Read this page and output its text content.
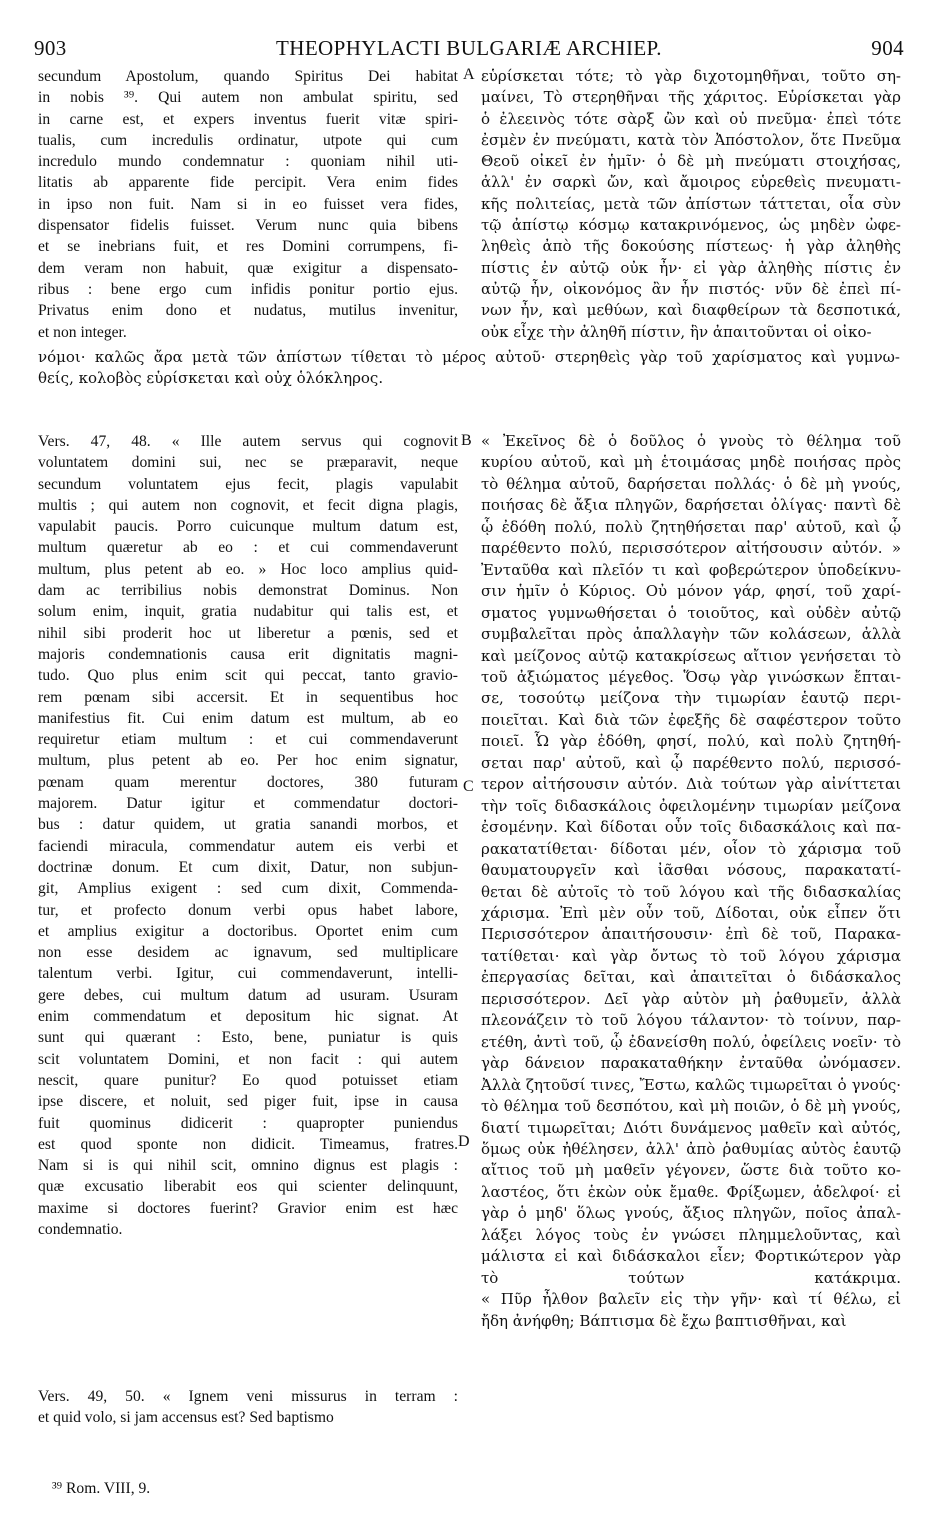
903	THEOPHYLACTI BULGARIÆ ARCHIEP.	904
A
B
C
D

secundum Apostolum, quando Spiritus Dei habitat
in nobis ³⁹. Qui autem non ambulat spiritu, sed
in carne est, et expers inventus fuerit vitæ spiri-
tualis, cum incredulis ordinatur, utpote qui cum
incredulo mundo condemnatur : quoniam nihil uti-
litatis ab apparente fide percipit. Vera enim fides
in ipso non fuit. Nam si in eo fuisset vera fides,
dispensator fidelis fuisset. Verum nunc quia bibens
et se inebrians fuit, et res Domini corrumpens, fi-
dem veram non habuit, quæ exigitur a dispensato-
ribus : bene ergo cum infidis ponitur portio ejus.
Privatus enim dono et nudatus, mutilus invenitur,
et non integer.

εὑρίσκεται τότε; τὸ γὰρ διχοτομηθῆναι, τοῦτο ση-
μαίνει, Τὸ στερηθῆναι τῆς χάριτος. Εὑρίσκεται γὰρ
ὁ ἐλεεινὸς τότε σὰρξ ὢν καὶ οὐ πνεῦμα· ἐπεὶ τότε
ἐσμὲν ἐν πνεύματι, κατὰ τὸν Ἀπόστολον, ὅτε Πνεῦμα
Θεοῦ οἰκεῖ ἐν ἡμῖν· ὁ δὲ μὴ πνεύματι στοιχήσας,
ἀλλ' ἐν σαρκὶ ὤν, καὶ ἄμοιρος εὑρεθεὶς πνευματι-
κῆς πολιτείας, μετὰ τῶν ἀπίστων τάττεται, οἷα σὺν
τῷ ἀπίστῳ κόσμῳ κατακρινόμενος, ὡς μηδὲν ὠφε-
ληθεὶς ἀπὸ τῆς δοκούσης πίστεως· ἡ γὰρ ἀληθὴς
πίστις ἐν αὐτῷ οὐκ ἦν· εἰ γὰρ ἀληθὴς πίστις ἐν
αὐτῷ ἦν, οἰκονόμος ἂν ἦν πιστός· νῦν δὲ ἐπεὶ πί-
νων ἦν, καὶ μεθύων, καὶ διαφθείρων τὰ δεσποτικά,
οὐκ εἶχε τὴν ἀληθῆ πίστιν, ἣν ἀπαιτοῦνται οἱ οἰκο-

νόμοι· καλῶς ἄρα μετὰ τῶν ἀπίστων τίθεται τὸ μέρος αὐτοῦ· στερηθεὶς γὰρ τοῦ χαρίσματος καὶ γυμνω-
θείς, κολοβὸς εὑρίσκεται καὶ οὐχ ὁλόκληρος.

Vers. 47, 48. « Ille autem servus qui cognovit
voluntatem domini sui, nec se præparavit, neque
secundum voluntatem ejus fecit, plagis vapulabit
multis ; qui autem non cognovit, et fecit digna plagis,
vapulabit paucis. Porro cuicunque multum datum est,
multum quæretur ab eo : et cui commendaverunt
multum, plus petent ab eo. » Hoc loco amplius quid-
dam ac terribilius nobis demonstrat Dominus. Non
solum enim, inquit, gratia nudabitur qui talis est, et
nihil sibi proderit hoc ut liberetur a pœnis, sed et
majoris condemnationis causa erit dignitatis magni-
tudo. Quo plus enim scit qui peccat, tanto gravio-
rem pœnam sibi accersit. Et in sequentibus hoc
manifestius fit. Cui enim datum est multum, ab eo
requiretur etiam multum : et cui commendaverunt
multum, plus petent ab eo. Per hoc enim signatur,
pœnam quam merentur doctores, 380 futuram
majorem. Datur igitur et commendatur doctori-
bus : datur quidem, ut gratia sanandi morbos, et
faciendi miracula, commendatur autem eis verbi et
doctrinæ donum. Et cum dixit, Datur, non subjun-
git, Amplius exigent : sed cum dixit, Commenda-
tur, et profecto donum verbi opus habet labore,
et amplius exigitur a doctoribus. Oportet enim cum
non esse desidem ac ignavum, sed multiplicare
talentum verbi. Igitur, cui commendaverunt, intelli-
gere debes, cui multum datum ad usuram. Usuram
enim commendatum et depositum hic signat. At
sunt qui quærant : Esto, bene, puniatur is quis
scit voluntatem Domini, et non facit : qui autem
nescit, quare punitur? Eo quod potuisset etiam
ipse discere, et noluit, sed piger fuit, ipse in causa
fuit quominus didicerit : quapropter puniendus
est quod sponte non didicit. Timeamus, fratres.
Nam si is qui nihil scit, omnino dignus est plagis :
quæ excusatio liberabit eos qui scienter delinquunt,
maxime si doctores fuerint? Gravior enim est hæc
condemnatio.

Vers. 49, 50. « Ignem veni missurus in terram :
et quid volo, si jam accensus est? Sed baptismo

« Ἐκεῖνος δὲ ὁ δοῦλος ὁ γνοὺς τὸ θέλημα τοῦ
κυρίου αὐτοῦ, καὶ μὴ ἑτοιμάσας μηδὲ ποιήσας πρὸς
τὸ θέλημα αὐτοῦ, δαρήσεται πολλάς· ὁ δὲ μὴ γνούς,
ποιήσας δὲ ἄξια πληγῶν, δαρήσεται ὀλίγας· παντὶ δὲ
ᾧ ἐδόθη πολύ, πολὺ ζητηθήσεται παρ' αὐτοῦ, καὶ ᾧ
παρέθεντο πολύ, περισσότερον αἰτήσουσιν αὐτόν. »
Ἐνταῦθα καὶ πλεῖόν τι καὶ φοβερώτερον ὑποδείκνυ-
σιν ἡμῖν ὁ Κύριος. Οὐ μόνον γάρ, φησί, τοῦ χαρί-
σματος γυμνωθήσεται ὁ τοιοῦτος, καὶ οὐδὲν αὐτῷ
συμβαλεῖται πρὸς ἀπαλλαγὴν τῶν κολάσεων, ἀλλὰ
καὶ μείζονος αὐτῷ κατακρίσεως αἴτιον γενήσεται τὸ
τοῦ ἀξιώματος μέγεθος. Ὅσῳ γὰρ γινώσκων ἔπται-
σε, τοσούτῳ μείζονα τὴν τιμωρίαν ἑαυτῷ περι-
ποιεῖται. Καὶ διὰ τῶν ἐφεξῆς δὲ σαφέστερον τοῦτο
ποιεῖ. Ὧ γὰρ ἐδόθη, φησί, πολύ, καὶ πολὺ ζητηθή-
σεται παρ' αὐτοῦ, καὶ ᾧ παρέθεντο πολύ, περισσό-
τερον αἰτήσουσιν αὐτόν. Διὰ τούτων γὰρ αἰνίττεται
τὴν τοῖς διδασκάλοις ὀφειλομένην τιμωρίαν μείζονα
ἐσομένην. Καὶ δίδοται οὖν τοῖς διδασκάλοις καὶ πα-
ρακατατίθεται· δίδοται μέν, οἷον τὸ χάρισμα τοῦ
θαυματουργεῖν καὶ ἰᾶσθαι νόσους, παρακατατί-
θεται δὲ αὐτοῖς τὸ τοῦ λόγου καὶ τῆς διδασκαλίας
χάρισμα. Ἐπὶ μὲν οὖν τοῦ, Δίδοται, οὐκ εἶπεν ὅτι
Περισσότερον ἀπαιτήσουσιν· ἐπὶ δὲ τοῦ, Παρακα-
τατίθεται· καὶ γὰρ ὄντως τὸ τοῦ λόγου χάρισμα
ἐπεργασίας δεῖται, καὶ ἀπαιτεῖται ὁ διδάσκαλος
περισσότερον. Δεῖ γὰρ αὐτὸν μὴ ῥαθυμεῖν, ἀλλὰ
πλεονάζειν τὸ τοῦ λόγου τάλαντον· τὸ τοίνυν, παρ-
ετέθη, ἀντὶ τοῦ, ᾧ ἐδανείσθη πολύ, ὀφείλεις νοεῖν· τὸ
γὰρ δάνειον παρακαταθήκην ἐνταῦθα ὠνόμασεν.
Ἀλλὰ ζητοῦσί τινες, Ἔστω, καλῶς τιμωρεῖται ὁ γνούς·
τὸ θέλημα τοῦ δεσπότου, καὶ μὴ ποιῶν, ὁ δὲ μὴ γνούς,
διατί τιμωρεῖται; Διότι δυνάμενος μαθεῖν καὶ αὐτός,
ὅμως οὐκ ἠθέλησεν, ἀλλ' ἀπὸ ῥαθυμίας αὐτὸς ἑαυτῷ
αἴτιος τοῦ μὴ μαθεῖν γέγονεν, ὥστε διὰ τοῦτο κο-
λαστέος, ὅτι ἑκὼν οὐκ ἔμαθε. Φρίξωμεν, ἀδελφοί· εἰ
γὰρ ὁ μηδ' ὅλως γνούς, ἄξιος πληγῶν, ποῖος ἀπαλ-
λάξει λόγος τοὺς ἐν γνώσει πλημμελοῦντας, καὶ
μάλιστα εἰ καὶ διδάσκαλοι εἶεν; Φορτικώτερον γὰρ
τὸ τούτων κατάκριμα.
« Πῦρ ἦλθον βαλεῖν εἰς τὴν γῆν· καὶ τί θέλω, εἰ
ἤδη ἀνήφθη; Βάπτισμα δὲ ἔχω βαπτισθῆναι, καὶ

³⁹ Rom. VIII, 9.
